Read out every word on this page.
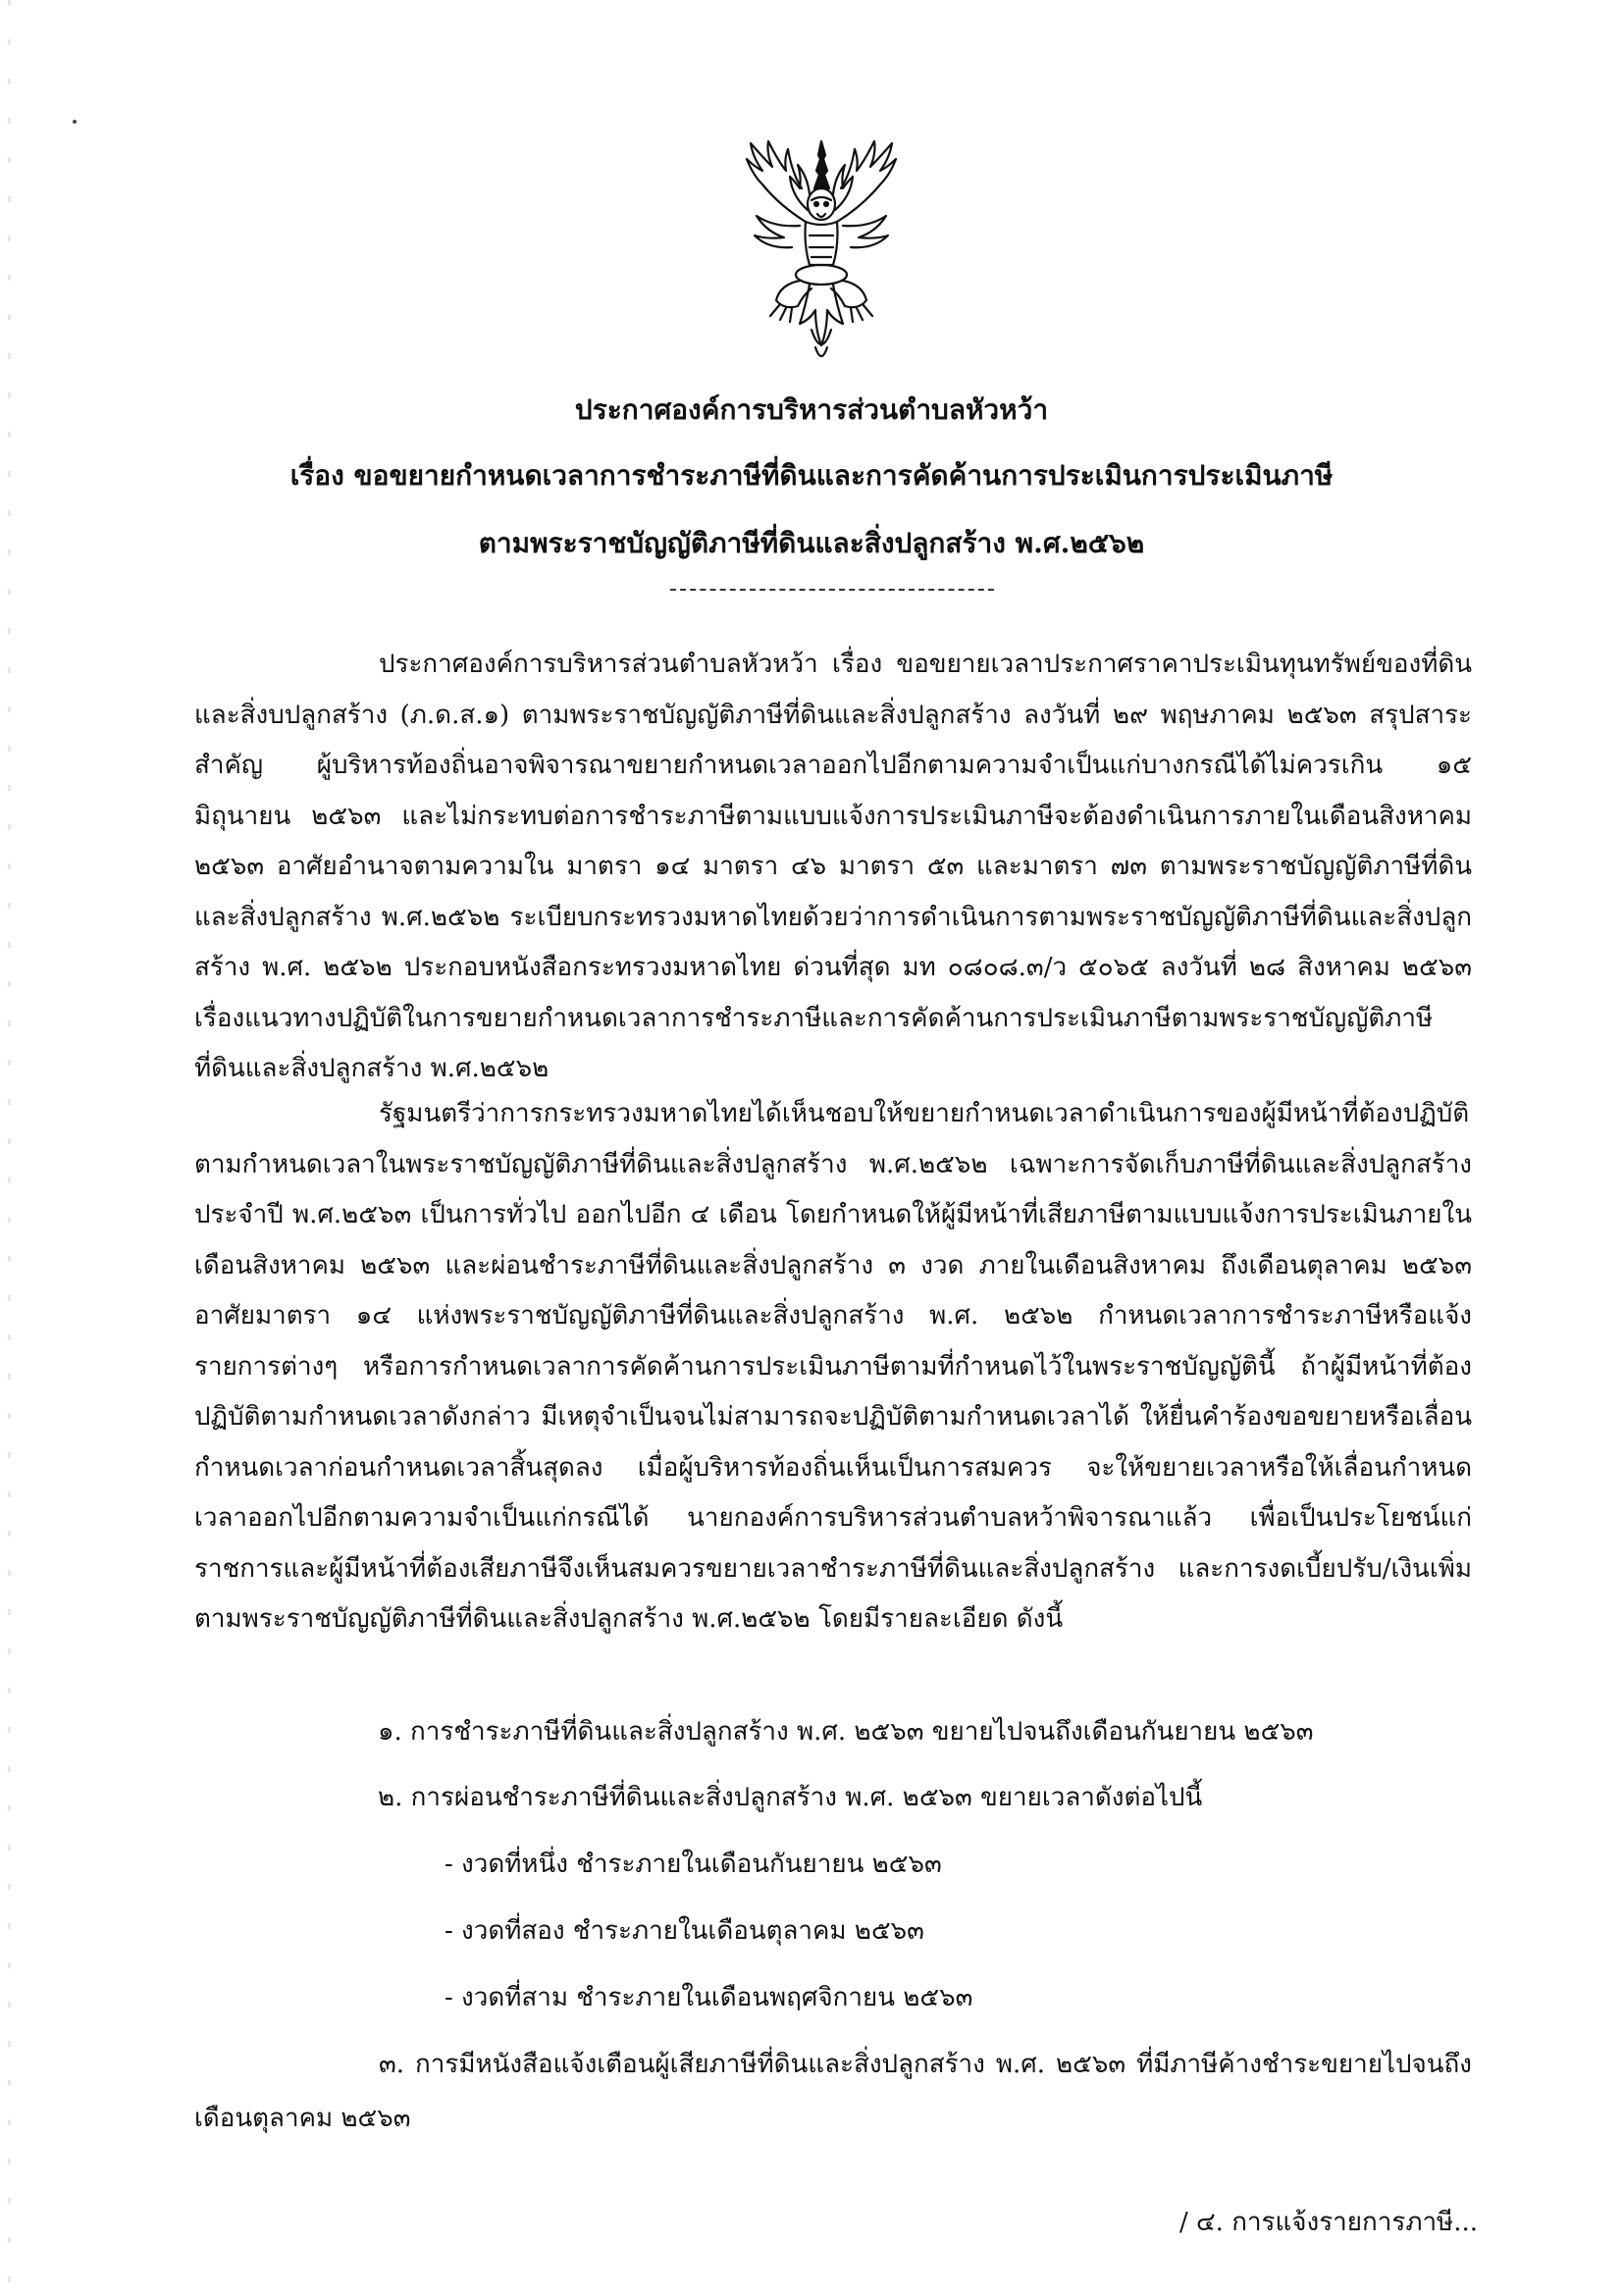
ประกาศองค์การบริหารส่วนตำบลหัวหว้า
เรื่อง ขอขยายกำหนดเวลาการชำระภาษีที่ดินและการคัดค้านการประเมินการประเมินภาษี
ตามพระราชบัญญัติภาษีที่ดินและสิ่งปลูกสร้าง พ.ศ.๒๕๖๒

ประกาศองค์การบริหารส่วนตำบลหัวหว้า เรื่อง ขอขยายเวลาประกาศราคาประเมินทุนทรัพย์ของที่ดินและสิ่งบปลูกสร้าง (ภ.ด.ส.๑) ตามพระราชบัญญัติภาษีที่ดินและสิ่งปลูกสร้าง ลงวันที่ ๒๙ พฤษภาคม ๒๕๖๓ สรุปสาระสำคัญ ผู้บริหารท้องถิ่นอาจพิจารณาขยายกำหนดเวลาออกไปอีกตามความจำเป็นแก่บางกรณีได้ไม่ควรเกิน ๑๕ มิถุนายน ๒๕๖๓ และไม่กระทบต่อการชำระภาษีตามแบบแจ้งการประเมินภาษีจะต้องดำเนินการภายในเดือนสิงหาคม ๒๕๖๓ อาศัยอำนาจตามความใน มาตรา ๑๔ มาตรา ๔๖ มาตรา ๕๓ และมาตรา ๗๓ ตามพระราชบัญญัติภาษีที่ดินและสิ่งปลูกสร้าง พ.ศ.๒๕๖๒ ระเบียบกระทรวงมหาดไทยด้วยว่าการดำเนินการตามพระราชบัญญัติภาษีที่ดินและสิ่งปลูกสร้าง พ.ศ. ๒๕๖๒ ประกอบหนังสือกระทรวงมหาดไทย ด่วนที่สุด มท ๐๘๐๘.๓/ว ๕๐๖๕ ลงวันที่ ๒๘ สิงหาคม ๒๕๖๓ เรื่องแนวทางปฏิบัติในการขยายกำหนดเวลาการชำระภาษีและการคัดค้านการประเมินภาษีตามพระราชบัญญัติภาษีที่ดินและสิ่งปลูกสร้าง พ.ศ.๒๕๖๒

รัฐมนตรีว่าการกระทรวงมหาดไทยได้เห็นชอบให้ขยายกำหนดเวลาดำเนินการของผู้มีหน้าที่ต้องปฏิบัติตามกำหนดเวลาในพระราชบัญญัติภาษีที่ดินและสิ่งปลูกสร้าง พ.ศ.๒๕๖๒ เฉพาะการจัดเก็บภาษีที่ดินและสิ่งปลูกสร้าง ประจำปี พ.ศ.๒๕๖๓ เป็นการทั่วไป ออกไปอีก ๔ เดือน โดยกำหนดให้ผู้มีหน้าที่เสียภาษีตามแบบแจ้งการประเมินภายในเดือนสิงหาคม ๒๕๖๓ และผ่อนชำระภาษีที่ดินและสิ่งปลูกสร้าง ๓ งวด ภายในเดือนสิงหาคม ถึงเดือนตุลาคม ๒๕๖๓ อาศัยมาตรา ๑๔ แห่งพระราชบัญญัติภาษีที่ดินและสิ่งปลูกสร้าง พ.ศ. ๒๕๖๒ กำหนดเวลาการชำระภาษีหรือแจ้งรายการต่างๆ หรือการกำหนดเวลาการคัดค้านการประเมินภาษีตามที่กำหนดไว้ในพระราชบัญญัตินี้ ถ้าผู้มีหน้าที่ต้องปฏิบัติตามกำหนดเวลาดังกล่าว มีเหตุจำเป็นจนไม่สามารถจะปฏิบัติตามกำหนดเวลาได้ ให้ยื่นคำร้องขอขยายหรือเลื่อนกำหนดเวลาก่อนกำหนดเวลาสิ้นสุดลง เมื่อผู้บริหารท้องถิ่นเห็นเป็นการสมควร จะให้ขยายเวลาหรือให้เลื่อนกำหนดเวลาออกไปอีกตามความจำเป็นแก่กรณีได้ นายกองค์การบริหารส่วนตำบลหว้าพิจารณาแล้ว เพื่อเป็นประโยชน์แก่ราชการและผู้มีหน้าที่ต้องเสียภาษีจึงเห็นสมควรขยายเวลาชำระภาษีที่ดินและสิ่งปลูกสร้าง และการงดเบี้ยปรับ/เงินเพิ่มตามพระราชบัญญัติภาษีที่ดินและสิ่งปลูกสร้าง พ.ศ.๒๕๖๒ โดยมีรายละเอียด ดังนี้

๑. การชำระภาษีที่ดินและสิ่งปลูกสร้าง พ.ศ. ๒๕๖๓ ขยายไปจนถึงเดือนกันยายน ๒๕๖๓

๒. การผ่อนชำระภาษีที่ดินและสิ่งปลูกสร้าง พ.ศ. ๒๕๖๓ ขยายเวลาดังต่อไปนี้

- งวดที่หนึ่ง ชำระภายในเดือนกันยายน ๒๕๖๓

- งวดที่สอง ชำระภายในเดือนตุลาคม ๒๕๖๓

- งวดที่สาม ชำระภายในเดือนพฤศจิกายน ๒๕๖๓

๓. การมีหนังสือแจ้งเตือนผู้เสียภาษีที่ดินและสิ่งปลูกสร้าง พ.ศ. ๒๕๖๓ ที่มีภาษีค้างชำระขยายไปจนถึงเดือนตุลาคม ๒๕๖๓

/ ๔. การแจ้งรายการภาษี...
